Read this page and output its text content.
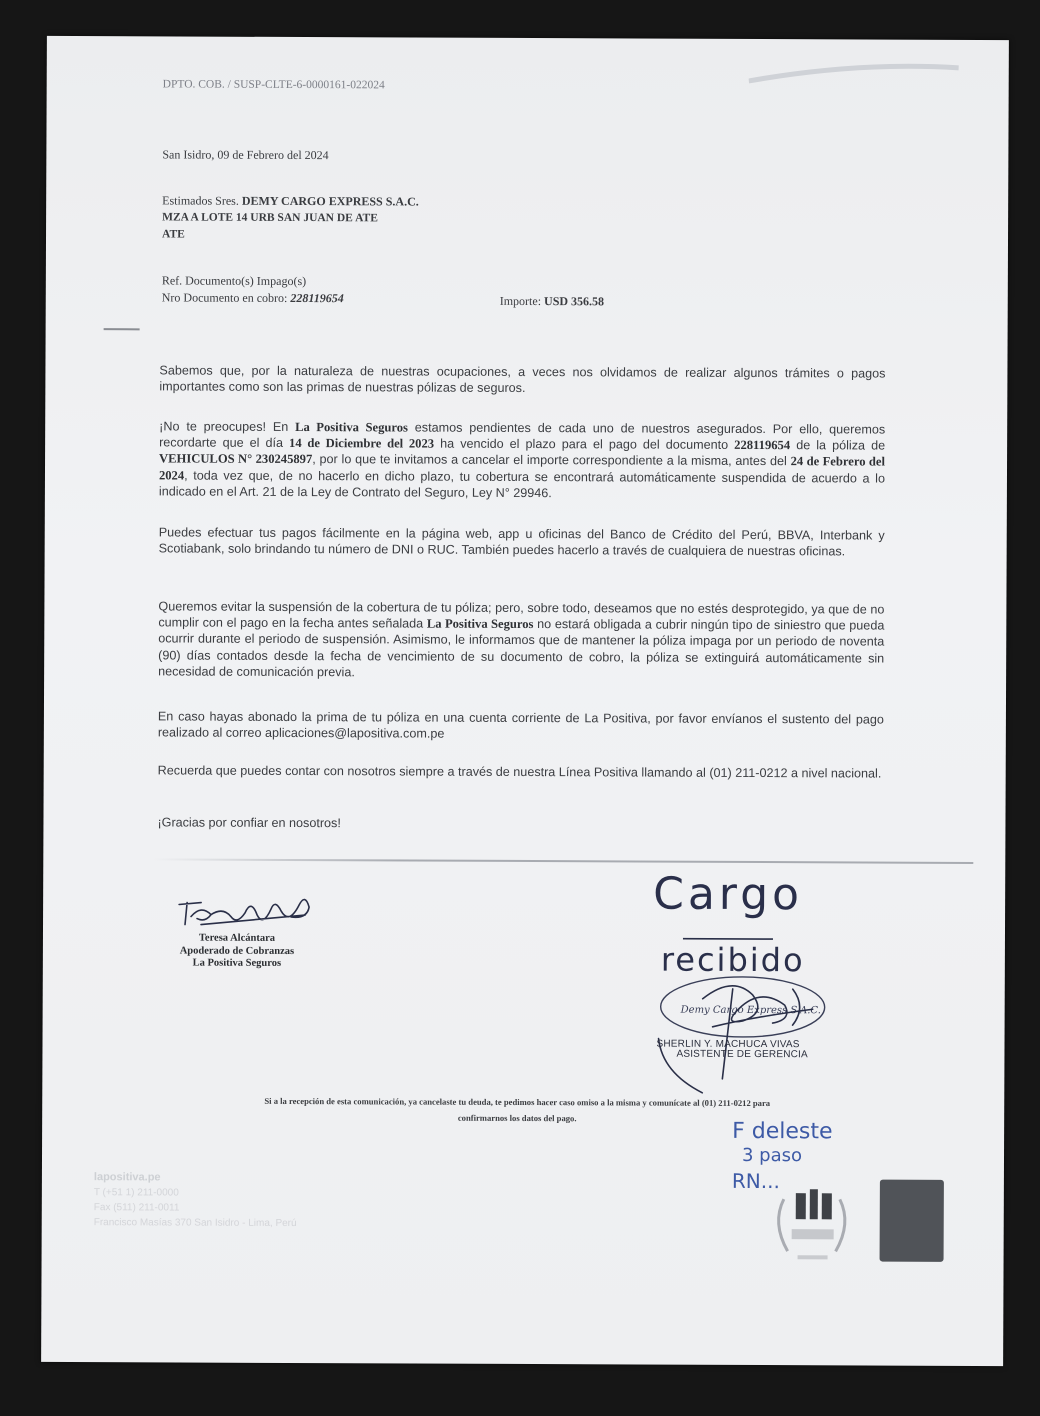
DPTO. COB. / SUSP-CLTE-6-0000161-022024
San Isidro, 09 de Febrero del 2024
Estimados Sres. DEMY CARGO EXPRESS S.A.C.
MZA A LOTE 14 URB SAN JUAN DE ATE
ATE
Ref. Documento(s) Impago(s)
Nro Documento en cobro: 228119654	Importe: USD 356.58
Sabemos que, por la naturaleza de nuestras ocupaciones, a veces nos olvidamos de realizar algunos trámites o pagos importantes como son las primas de nuestras pólizas de seguros.
¡No te preocupes! En La Positiva Seguros estamos pendientes de cada uno de nuestros asegurados. Por ello, queremos recordarte que el día 14 de Diciembre del 2023 ha vencido el plazo para el pago del documento 228119654 de la póliza de VEHICULOS N° 230245897, por lo que te invitamos a cancelar el importe correspondiente a la misma, antes del 24 de Febrero del 2024, toda vez que, de no hacerlo en dicho plazo, tu cobertura se encontrará automáticamente suspendida de acuerdo a lo indicado en el Art. 21 de la Ley de Contrato del Seguro, Ley N° 29946.
Puedes efectuar tus pagos fácilmente en la página web, app u oficinas del Banco de Crédito del Perú, BBVA, Interbank y Scotiabank, solo brindando tu número de DNI o RUC. También puedes hacerlo a través de cualquiera de nuestras oficinas.
Queremos evitar la suspensión de la cobertura de tu póliza; pero, sobre todo, deseamos que no estés desprotegido, ya que de no cumplir con el pago en la fecha antes señalada La Positiva Seguros no estará obligada a cubrir ningún tipo de siniestro que pueda ocurrir durante el periodo de suspensión. Asimismo, le informamos que de mantener la póliza impaga por un periodo de noventa (90) días contados desde la fecha de vencimiento de su documento de cobro, la póliza se extinguirá automáticamente sin necesidad de comunicación previa.
En caso hayas abonado la prima de tu póliza en una cuenta corriente de La Positiva, por favor envíanos el sustento del pago realizado al correo aplicaciones@lapositiva.com.pe
Recuerda que puedes contar con nosotros siempre a través de nuestra Línea Positiva llamando al (01) 211-0212 a nivel nacional.
¡Gracias por confiar en nosotros!
Teresa Alcántara
Apoderado de Cobranzas
La Positiva Seguros
Cargo
recibido
Demy Cargo Express S.A.C.
SHERLIN Y. MACHUCA VIVAS
ASISTENTE DE GERENCIA
Si a la recepción de esta comunicación, ya cancelaste tu deuda, te pedimos hacer caso omiso a la misma y comunícate al (01) 211-0212 para
confirmarnos los datos del pago.
F deleste
3 paso
RN...
lapositiva.pe
T (+51 1) 211-0000
Fax (511) 211-0011
Francisco Masías 370 San Isidro - Lima, Perú
